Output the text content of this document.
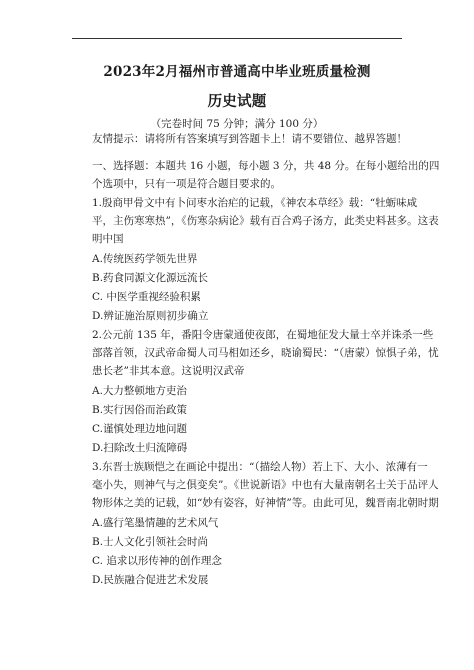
2023年2月福州市普通高中毕业班质量检测
历史试题
（完卷时间 75 分钟；满分 100 分）
友情提示：请将所有答案填写到答题卡上！请不要错位、越界答题！
一、选择题：本题共 16 小题，每小题 3 分，共 48 分。在每小题给出的四
个选项中，只有一项是符合题目要求的。
1.殷商甲骨文中有卜问枣水治疟的记载，《神农本草经》载：“牡蛎味咸
平，主伤寒寒热”，《伤寒杂病论》载有百合鸡子汤方，此类史料甚多。这表
明中国
A.传统医药学领先世界
B.药食同源文化源远流长
C. 中医学重视经验积累
D.辨证施治原则初步确立
2.公元前 135 年，番阳令唐蒙通使夜郎，在蜀地征发大量士卒并诛杀一些
部落首领，汉武帝命蜀人司马相如还乡，晓谕蜀民：“（唐蒙）惊惧子弟，忧
患长老”非其本意。这说明汉武帝
A.大力整顿地方吏治
B.实行因俗而治政策
C.谨慎处理边地问题
D.扫除改土归流障碍
3.东晋士族顾恺之在画论中提出：“（描绘人物）若上下、大小、浓薄有一
毫小失，则神气与之俱变矣”。《世说新语》中也有大量南朝名士关于品评人
物形体之美的记载，如“妙有姿容，好神情”等。由此可见，魏晋南北朝时期
A.盛行笔墨情趣的艺术风气
B.士人文化引领社会时尚
C. 追求以形传神的创作理念
D.民族融合促进艺术发展
